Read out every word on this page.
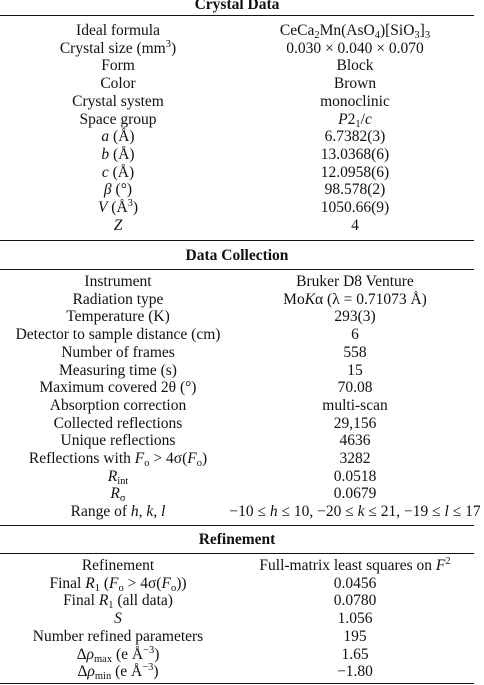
Crystal Data
Ideal formula	$CeCa_2Mn(AsO_4)[SiO_3]_3$
Crystal size $(mm^3)$	0.030 × 0.040 × 0.070
Form	Block
Color	Brown
Crystal system	monoclinic
Space group	$P2_1/c$
a (Å)	6.7382(3)
b (Å)	13.0368(6)
c (Å)	12.0958(6)
β (°)	98.578(2)
V $(Å^3)$	1050.66(9)
Z	4
Data Collection
Instrument	Bruker D8 Venture
Radiation type	MoKα (λ = 0.71073 Å)
Temperature (K)	293(3)
Detector to sample distance (cm)	6
Number of frames	558
Measuring time (s)	15
Maximum covered 2θ (°)	70.08
Absorption correction	multi-scan
Collected reflections	29,156
Unique reflections	4636
Reflections with $F_o > 4\sigma(F_o)$	3282
$R_{int}$	0.0518
$R_\sigma$	0.0679
Range of h, k, l	−10 ≤ h ≤ 10, −20 ≤ k ≤ 21, −19 ≤ l ≤ 17
Refinement
Refinement	Full-matrix least squares on $F^2$
Final $R_1$ $(F_o > 4\sigma(F_o))$	0.0456
Final $R_1$ (all data)	0.0780
S	1.056
Number refined parameters	195
$\Delta\rho_{max}$ (e $Å^{-3}$)	1.65
$\Delta\rho_{min}$ (e $Å^{-3}$)	−1.80
